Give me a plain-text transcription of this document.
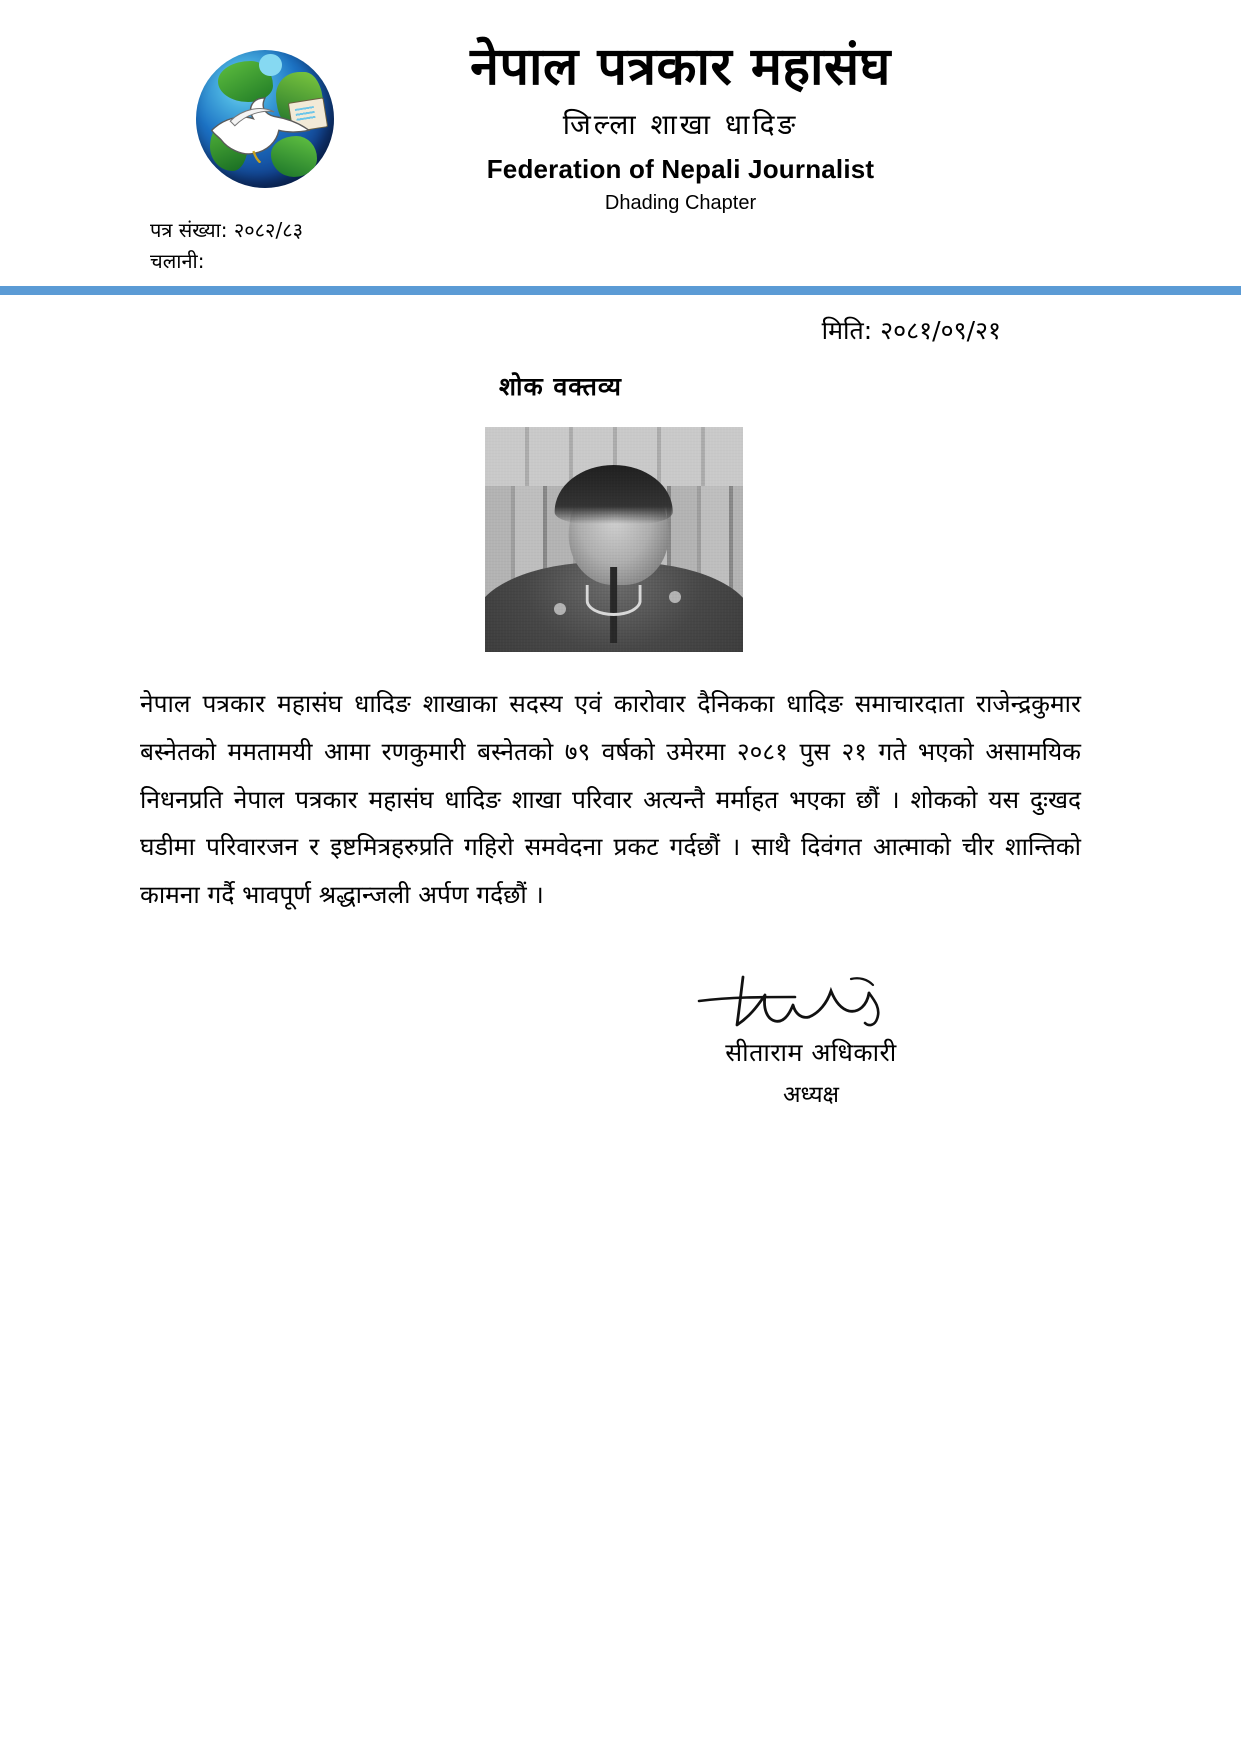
नेपाल पत्रकार महासंघ

जिल्ला शाखा धादिङ

Federation of Nepali Journalist

Dhading Chapter

पत्र संख्या: २०८२/८३

चलानी:

मिति: २०८१/०९/२१

शोक वक्तव्य

नेपाल पत्रकार महासंघ धादिङ शाखाका सदस्य एवं कारोवार दैनिकका धादिङ समाचारदाता राजेन्द्रकुमार बस्नेतको ममतामयी आमा रणकुमारी बस्नेतको ७९ वर्षको उमेरमा २०८१ पुस २१ गते भएको असामयिक निधनप्रति नेपाल पत्रकार महासंघ धादिङ शाखा परिवार अत्यन्तै मर्माहत भएका छौं । शोकको यस दुःखद घडीमा परिवारजन र इष्टमित्रहरुप्रति गहिरो समवेदना प्रकट गर्दछौं । साथै दिवंगत आत्माको चीर शान्तिको कामना गर्दै भावपूर्ण श्रद्धान्जली अर्पण गर्दछौं ।

सीताराम अधिकारी

अध्यक्ष
